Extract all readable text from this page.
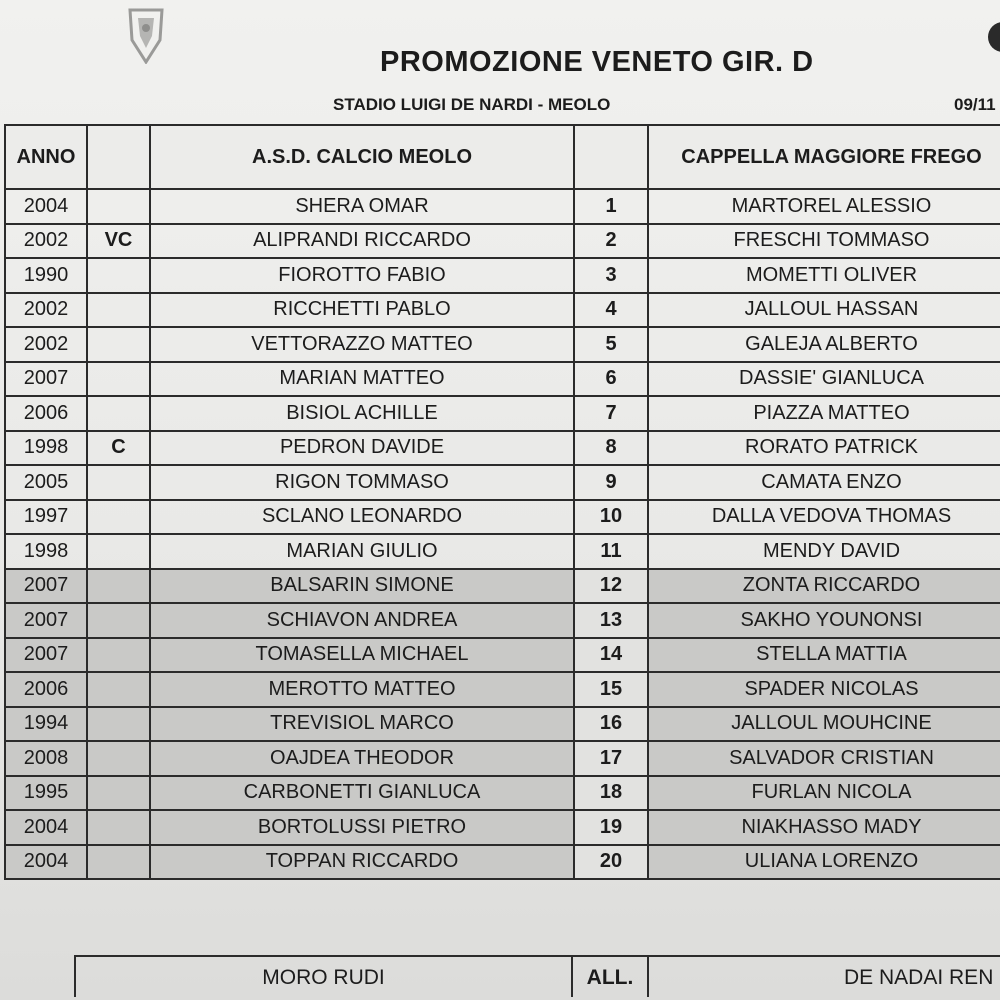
PROMOZIONE VENETO GIR. D
STADIO LUIGI DE NARDI - MEOLO	09/11
ANNO		A.S.D. CALCIO MEOLO		CAPPELLA MAGGIORE FREGO
2004		SHERA OMAR	1	MARTOREL ALESSIO
2002	VC	ALIPRANDI RICCARDO	2	FRESCHI TOMMASO
1990		FIOROTTO FABIO	3	MOMETTI OLIVER
2002		RICCHETTI PABLO	4	JALLOUL HASSAN
2002		VETTORAZZO MATTEO	5	GALEJA ALBERTO
2007		MARIAN MATTEO	6	DASSIE' GIANLUCA
2006		BISIOL ACHILLE	7	PIAZZA MATTEO
1998	C	PEDRON DAVIDE	8	RORATO PATRICK
2005		RIGON TOMMASO	9	CAMATA ENZO
1997		SCLANO LEONARDO	10	DALLA VEDOVA THOMAS
1998		MARIAN GIULIO	11	MENDY DAVID
2007		BALSARIN SIMONE	12	ZONTA RICCARDO
2007		SCHIAVON ANDREA	13	SAKHO YOUNONSI
2007		TOMASELLA MICHAEL	14	STELLA MATTIA
2006		MEROTTO MATTEO	15	SPADER NICOLAS
1994		TREVISIOL MARCO	16	JALLOUL MOUHCINE
2008		OAJDEA THEODOR	17	SALVADOR CRISTIAN
1995		CARBONETTI GIANLUCA	18	FURLAN NICOLA
2004		BORTOLUSSI PIETRO	19	NIAKHASSO MADY
2004		TOPPAN RICCARDO	20	ULIANA LORENZO
MORO RUDI	ALL.	DE NADAI REN
